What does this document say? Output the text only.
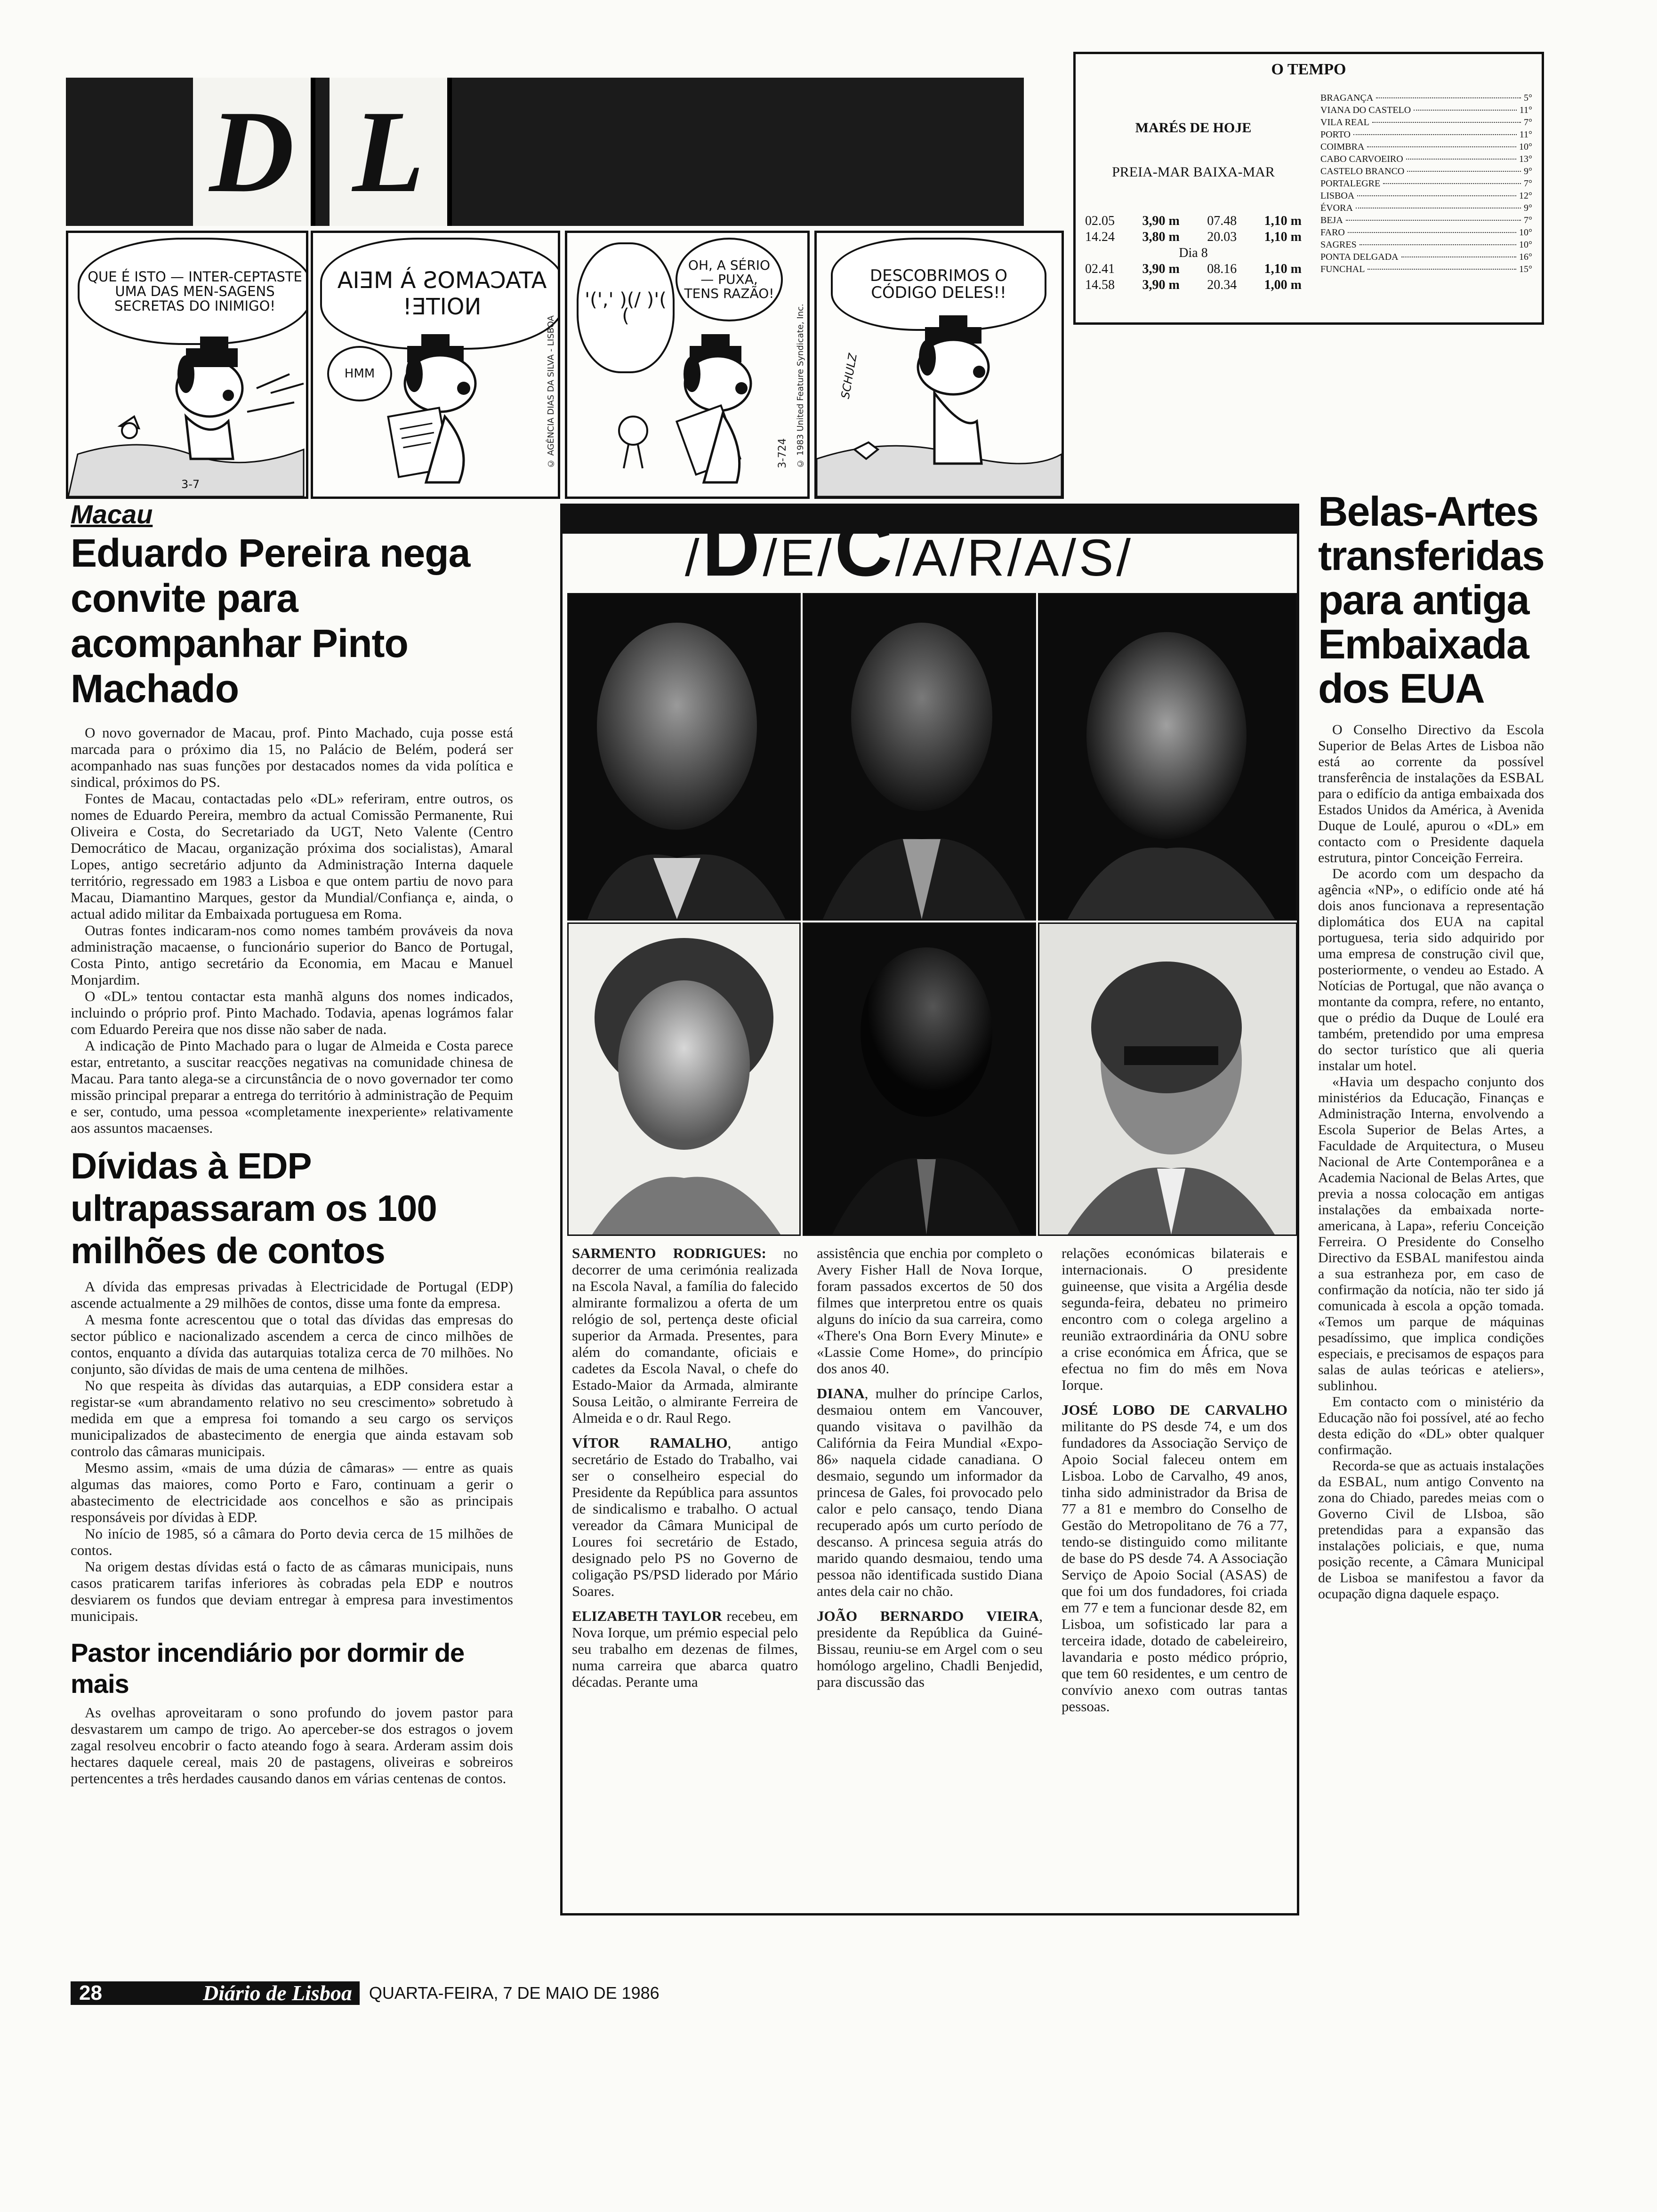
D L
O TEMPO
MARÉS DE HOJE
PREIA-MAR BAIXA-MAR
02.05 3,90 m 07.48 1,10 m
14.24 3,80 m 20.03 1,10 m
Dia 8
02.41 3,90 m 08.16 1,10 m
14.58 3,90 m 20.34 1,00 m
BRAGANÇA	5°
VIANA DO CASTELO	11°
VILA REAL	7°
PORTO	11°
COIMBRA	10°
CABO CARVOEIRO	13°
CASTELO BRANCO	9°
PORTALEGRE	7°
LISBOA	12°
ÉVORA	9°
BEJA	7°
FARO	10°
SAGRES	10°
PONTA DELGADA	16°
FUNCHAL	15°
QUE É ISTO — INTER-CEPTASTE UMA DAS MEN-SAGENS SECRETAS DO INIMIGO!
3-7
ATACAMOS À MEIA NOITE!
HMM	© AGÊNCIA DIAS DA SILVA - LISBOA
'(',' )(/ )'( (
OH, A SÉRIO — PUXA, TENS RAZÃO!
© 1983 United Feature Syndicate, Inc.
3-724
DESCOBRIMOS O CÓDIGO DELES!!
SCHULZ
Macau
Eduardo Pereira nega convite para acompanhar Pinto Machado

O novo governador de Macau, prof. Pinto Machado, cuja posse está marcada para o próximo dia 15, no Palácio de Belém, poderá ser acompanhado nas suas funções por destacados nomes da vida política e sindical, próximos do PS.

Fontes de Macau, contactadas pelo «DL» referiram, entre outros, os nomes de Eduardo Pereira, membro da actual Comissão Permanente, Rui Oliveira e Costa, do Secretariado da UGT, Neto Valente (Centro Democrático de Macau, organização próxima dos socialistas), Amaral Lopes, antigo secretário adjunto da Administração Interna daquele território, regressado em 1983 a Lisboa e que ontem partiu de novo para Macau, Diamantino Marques, gestor da Mundial/Confiança e, ainda, o actual adido militar da Embaixada portuguesa em Roma.

Outras fontes indicaram-nos como nomes também prováveis da nova administração macaense, o funcionário superior do Banco de Portugal, Costa Pinto, antigo secretário da Economia, em Macau e Manuel Monjardim.

O «DL» tentou contactar esta manhã alguns dos nomes indicados, incluindo o próprio prof. Pinto Machado. Todavia, apenas lográmos falar com Eduardo Pereira que nos disse não saber de nada.

A indicação de Pinto Machado para o lugar de Almeida e Costa parece estar, entretanto, a suscitar reacções negativas na comunidade chinesa de Macau. Para tanto alega-se a circunstância de o novo governador ter como missão principal preparar a entrega do território à administração de Pequim e ser, contudo, uma pessoa «completamente inexperiente» relativamente aos assuntos macaenses.

Dívidas à EDP ultrapassaram os 100 milhões de contos

A dívida das empresas privadas à Electricidade de Portugal (EDP) ascende actualmente a 29 milhões de contos, disse uma fonte da empresa.

A mesma fonte acrescentou que o total das dívidas das empresas do sector público e nacionalizado ascendem a cerca de cinco milhões de contos, enquanto a dívida das autarquias totaliza cerca de 70 milhões. No conjunto, são dívidas de mais de uma centena de milhões.

No que respeita às dívidas das autarquias, a EDP considera estar a registar-se «um abrandamento relativo no seu crescimento» sobretudo à medida em que a empresa foi tomando a seu cargo os serviços municipalizados de abastecimento de energia que ainda estavam sob controlo das câmaras municipais.

Mesmo assim, «mais de uma dúzia de câmaras» — entre as quais algumas das maiores, como Porto e Faro, continuam a gerir o abastecimento de electricidade aos concelhos e são as principais responsáveis por dívidas à EDP.

No início de 1985, só a câmara do Porto devia cerca de 15 milhões de contos.

Na origem destas dívidas está o facto de as câmaras municipais, nuns casos praticarem tarifas inferiores às cobradas pela EDP e noutros desviarem os fundos que deviam entregar à empresa para investimentos municipais.

Pastor incendiário por dormir de mais

As ovelhas aproveitaram o sono profundo do jovem pastor para desvastarem um campo de trigo. Ao aperceber-se dos estragos o jovem zagal resolveu encobrir o facto ateando fogo à seara. Arderam assim dois hectares daquele cereal, mais 20 de pastagens, oliveiras e sobreiros pertencentes a três herdades causando danos em várias centenas de contos.

/D/E/C/A/R/A/S/

SARMENTO RODRIGUES: no decorrer de uma cerimónia realizada na Escola Naval, a família do falecido almirante formalizou a oferta de um relógio de sol, pertença deste oficial superior da Armada. Presentes, para além do comandante, oficiais e cadetes da Escola Naval, o chefe do Estado-Maior da Armada, almirante Sousa Leitão, o almirante Ferreira de Almeida e o dr. Raul Rego.

VÍTOR RAMALHO, antigo secretário de Estado do Trabalho, vai ser o conselheiro especial do Presidente da República para assuntos de sindicalismo e trabalho. O actual vereador da Câmara Municipal de Loures foi secretário de Estado, designado pelo PS no Governo de coligação PS/PSD liderado por Mário Soares.

ELIZABETH TAYLOR recebeu, em Nova Iorque, um prémio especial pelo seu trabalho em dezenas de filmes, numa carreira que abarca quatro décadas. Perante uma

assistência que enchia por completo o Avery Fisher Hall de Nova Iorque, foram passados excertos de 50 dos filmes que interpretou entre os quais alguns do início da sua carreira, como «There's Ona Born Every Minute» e «Lassie Come Home», do princípio dos anos 40.

DIANA, mulher do príncipe Carlos, desmaiou ontem em Vancouver, quando visitava o pavilhão da Califórnia da Feira Mundial «Expo-86» naquela cidade canadiana. O desmaio, segundo um informador da princesa de Gales, foi provocado pelo calor e pelo cansaço, tendo Diana recuperado após um curto período de descanso. A princesa seguia atrás do marido quando desmaiou, tendo uma pessoa não identificada sustido Diana antes dela cair no chão.

JOÃO BERNARDO VIEIRA, presidente da República da Guiné-Bissau, reuniu-se em Argel com o seu homólogo argelino, Chadli Benjedid, para discussão das

relações económicas bilaterais e internacionais. O presidente guineense, que visita a Argélia desde segunda-feira, debateu no primeiro encontro com o colega argelino a reunião extraordinária da ONU sobre a crise económica em África, que se efectua no fim do mês em Nova Iorque.

JOSÉ LOBO DE CARVALHO militante do PS desde 74, e um dos fundadores da Associação Serviço de Apoio Social faleceu ontem em Lisboa. Lobo de Carvalho, 49 anos, tinha sido administrador da Brisa de 77 a 81 e membro do Conselho de Gestão do Metropolitano de 76 a 77, tendo-se distinguido como militante de base do PS desde 74. A Associação Serviço de Apoio Social (ASAS) de que foi um dos fundadores, foi criada em 77 e tem a funcionar desde 82, em Lisboa, um sofisticado lar para a terceira idade, dotado de cabeleireiro, lavandaria e posto médico próprio, que tem 60 residentes, e um centro de convívio anexo com outras tantas pessoas.

Belas-Artes transferidas para antiga Embaixada dos EUA

O Conselho Directivo da Escola Superior de Belas Artes de Lisboa não está ao corrente da possível transferência de instalações da ESBAL para o edifício da antiga embaixada dos Estados Unidos da América, à Avenida Duque de Loulé, apurou o «DL» em contacto com o Presidente daquela estrutura, pintor Conceição Ferreira.

De acordo com um despacho da agência «NP», o edifício onde até há dois anos funcionava a representação diplomática dos EUA na capital portuguesa, teria sido adquirido por uma empresa de construção civil que, posteriormente, o vendeu ao Estado. A Notícias de Portugal, que não avança o montante da compra, refere, no entanto, que o prédio da Duque de Loulé era também, pretendido por uma empresa do sector turístico que ali queria instalar um hotel.

«Havia um despacho conjunto dos ministérios da Educação, Finanças e Administração Interna, envolvendo a Escola Superior de Belas Artes, a Faculdade de Arquitectura, o Museu Nacional de Arte Contemporânea e a Academia Nacional de Belas Artes, que previa a nossa colocação em antigas instalações da embaixada norte-americana, à Lapa», referiu Conceição Ferreira. O Presidente do Conselho Directivo da ESBAL manifestou ainda a sua estranheza por, em caso de confirmação da notícia, não ter sido já comunicada à escola a opção tomada. «Temos um parque de máquinas pesadíssimo, que implica condições especiais, e precisamos de espaços para salas de aulas teóricas e ateliers», sublinhou.

Em contacto com o ministério da Educação não foi possível, até ao fecho desta edição do «DL» obter qualquer confirmação.

Recorda-se que as actuais instalações da ESBAL, num antigo Convento na zona do Chiado, paredes meias com o Governo Civil de LIsboa, são pretendidas para a expansão das instalações policiais, e que, numa posição recente, a Câmara Municipal de Lisboa se manifestou a favor da ocupação digna daquele espaço.

28	Diário de Lisboa	QUARTA-FEIRA, 7 DE MAIO DE 1986
